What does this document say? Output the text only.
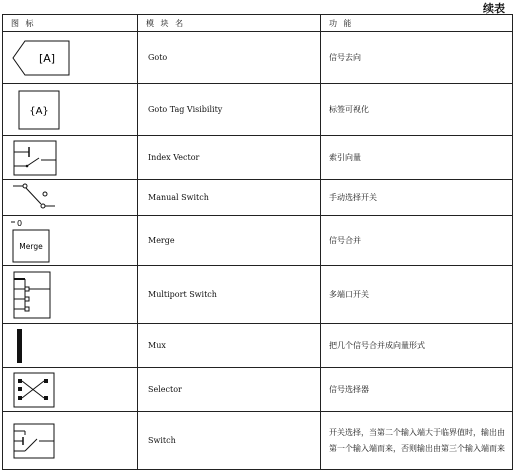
续表
图 标	模 块 名	功 能

[A]	Goto	信号去向

{A}	Goto Tag Visibility	标签可视化

	Index Vector	索引向量

	Manual Switch	手动选择开关

0
Merge	Merge	信号合并

	Multiport Switch	多端口开关

	Mux	把几个信号合并成向量形式

	Selector	信号选择器

	Switch	开关选择，当第二个输入端大于临界值时，输出由第一个输入端而来，否则输出由第三个输入端而来
